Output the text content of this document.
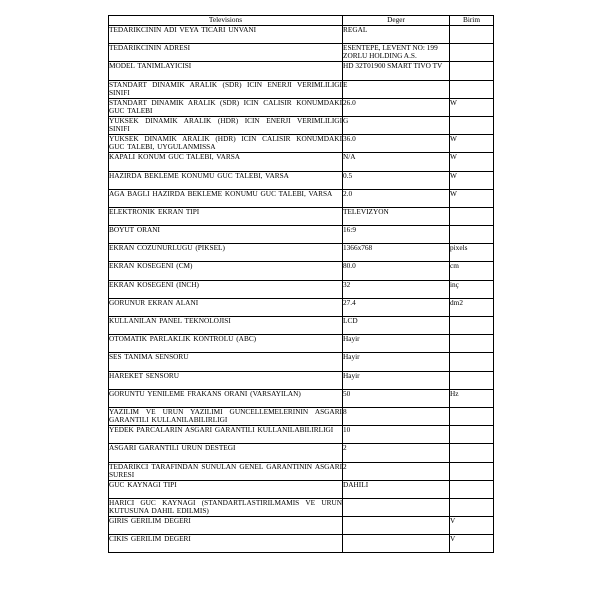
Televisions	Deger	Birim

TEDARIKCININ ADI VEYA TICARI UNVANI	REGAL	

TEDARIKCININ ADRESI	ESENTEPE, LEVENT NO: 199 ZORLU HOLDING A.S.	

MODEL TANIMLAYICISI	HD 32T01900 SMART TIVO TV	

STANDART DINAMIK ARALIK (SDR) ICIN ENERJI VERIMLILIGI SINIFI	E	

STANDART DINAMIK ARALIK (SDR) ICIN CALISIR KONUMDAKI GUC TALEBI	26.0	W

YUKSEK DINAMIK ARALIK (HDR) ICIN ENERJI VERIMLILIGI SINIFI	G	

YUKSEK DINAMIK ARALIK (HDR) ICIN CALISIR KONUMDAKI GUC TALEBI, UYGULANMISSA	36.0	W

KAPALI KONUM GUC TALEBI, VARSA	N/A	W

HAZIRDA BEKLEME KONUMU GUC TALEBI, VARSA	0.5	W

AGA BAGLI HAZIRDA BEKLEME KONUMU GUC TALEBI, VARSA	2.0	W

ELEKTRONIK EKRAN TIPI	TELEVIZYON	

BOYUT ORANI	16:9	

EKRAN COZUNURLUGU (PIKSEL)	1366x768	pixels

EKRAN KOSEGENI (CM)	80.0	cm

EKRAN KOSEGENI (INCH)	32	inç

GORUNUR EKRAN ALANI	27.4	dm2

KULLANILAN PANEL TEKNOLOJISI	LCD	

OTOMATIK PARLAKLIK KONTROLU (ABC)	Hayir	

SES TANIMA SENSORU	Hayir	

HAREKET SENSORU	Hayir	

GORUNTU YENILEME FRAKANS ORANI (VARSAYILAN)	50	Hz

YAZILIM VE URUN YAZILIMI GUNCELLEMELERININ ASGARI GARANTILI KULLANILABILIRLIGI	8	

YEDEK PARCALARIN ASGARI GARANTILI KULLANILABILIRLIGI	10	

ASGARI GARANTILI URUN DESTEGI	2	

TEDARIKCI TARAFINDAN SUNULAN GENEL GARANTININ ASGARI SURESI	2	

GUC KAYNAGI TIPI	DAHILI	

HARICI GUC KAYNAGI (STANDARTLASTIRILMAMIS VE URUN KUTUSUNA DAHIL EDILMIS)		

GIRIS GERILIM DEGERI		V

CIKIS GERILIM DEGERI		V
